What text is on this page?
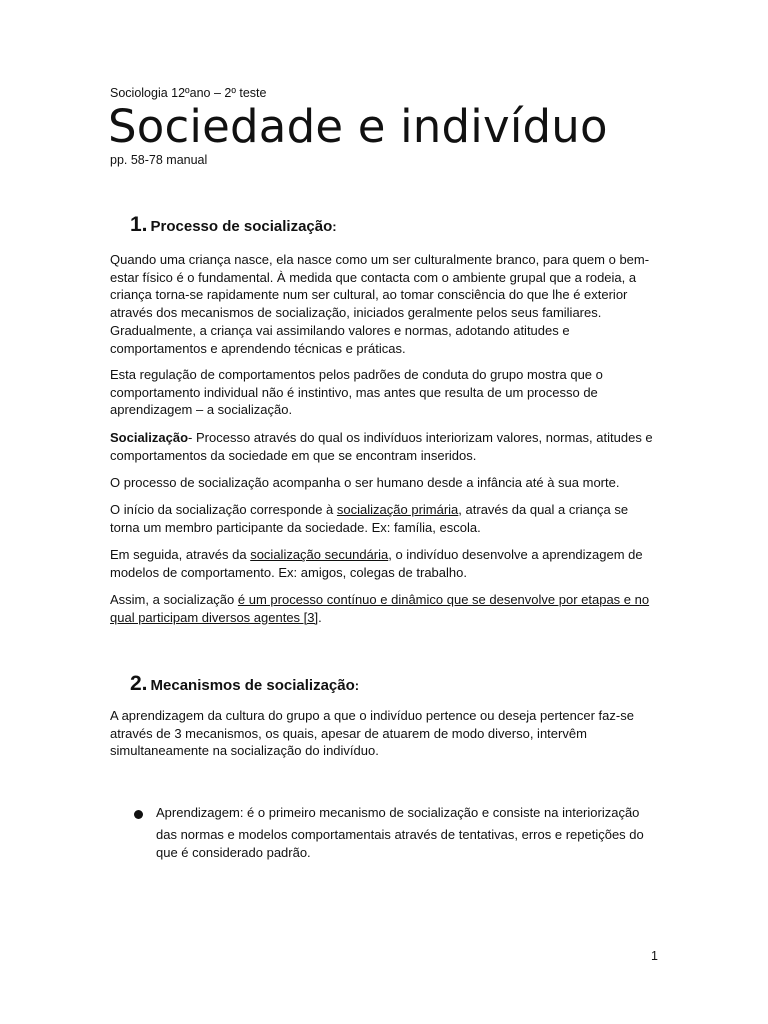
Sociologia 12ºano – 2º teste
Sociedade e indivíduo
pp. 58-78 manual
1. Processo de socialização:

Quando uma criança nasce, ela nasce como um ser culturalmente branco, para quem o bem-estar físico é o fundamental. À medida que contacta com o ambiente grupal que a rodeia, a criança torna-se rapidamente num ser cultural, ao tomar consciência do que lhe é exterior através dos mecanismos de socialização, iniciados geralmente pelos seus familiares. Gradualmente, a criança vai assimilando valores e normas, adotando atitudes e comportamentos e aprendendo técnicas e práticas.

Esta regulação de comportamentos pelos padrões de conduta do grupo mostra que o comportamento individual não é instintivo, mas antes que resulta de um processo de aprendizagem – a socialização.

Socialização- Processo através do qual os indivíduos interiorizam valores, normas, atitudes e comportamentos da sociedade em que se encontram inseridos.

O processo de socialização acompanha o ser humano desde a infância até à sua morte.

O início da socialização corresponde à socialização primária, através da qual a criança se torna um membro participante da sociedade. Ex: família, escola.

Em seguida, através da socialização secundária, o indivíduo desenvolve a aprendizagem de modelos de comportamento. Ex: amigos, colegas de trabalho.

Assim, a socialização é um processo contínuo e dinâmico que se desenvolve por etapas e no qual participam diversos agentes [3].

2. Mecanismos de socialização:

A aprendizagem da cultura do grupo a que o indivíduo pertence ou deseja pertencer faz-se através de 3 mecanismos, os quais, apesar de atuarem de modo diverso, intervêm simultaneamente na socialização do indivíduo.

Aprendizagem: é o primeiro mecanismo de socialização e consiste na interiorização
das normas e modelos comportamentais através de tentativas, erros e repetições do
que é considerado padrão.
1
